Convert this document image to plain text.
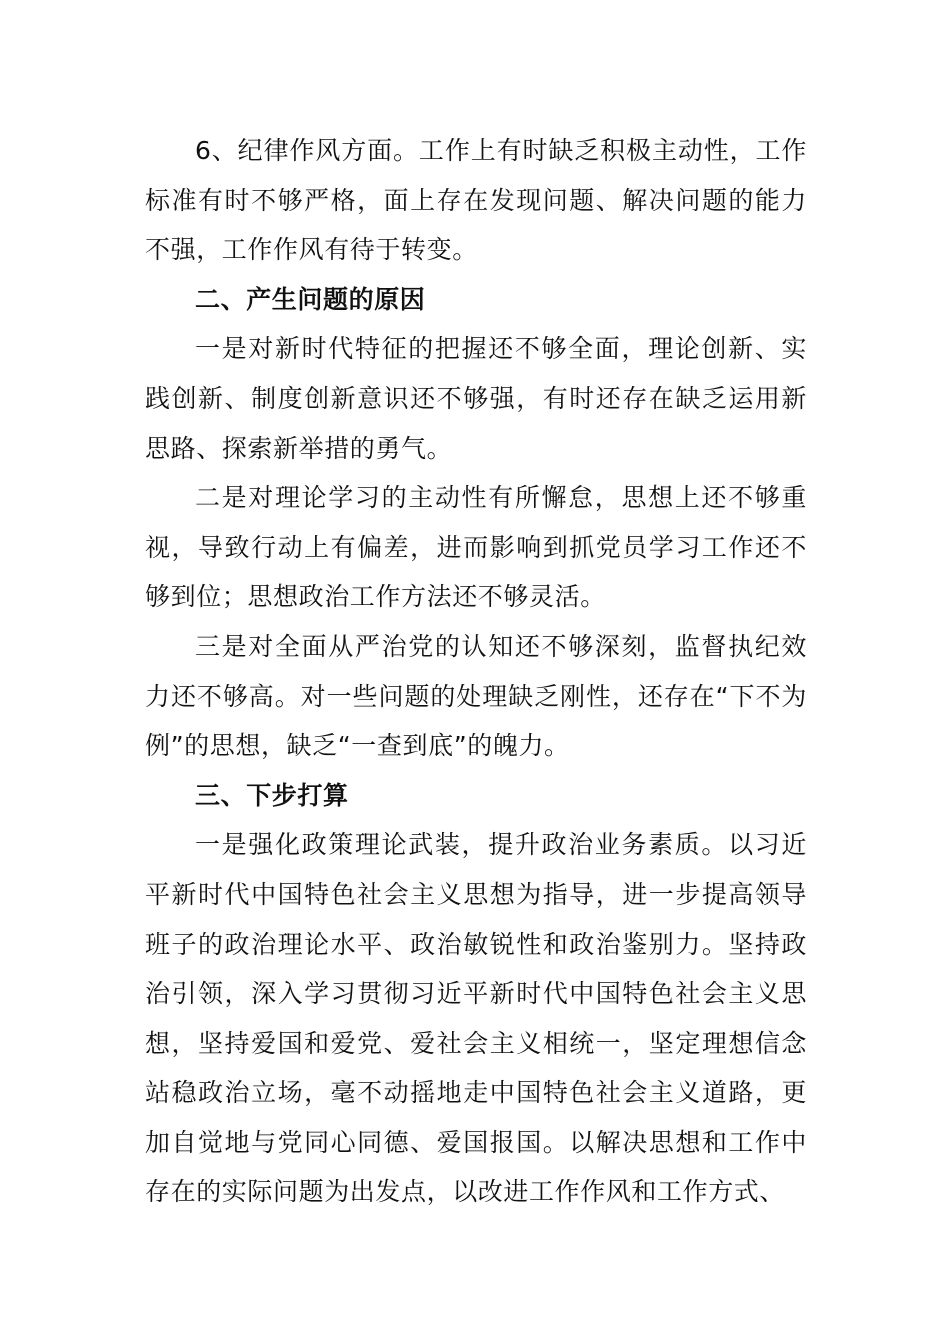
6、纪律作风方面。工作上有时缺乏积极主动性，工作标准有时不够严格，面上存在发现问题、解决问题的能力不强，工作作风有待于转变。

二、产生问题的原因

一是对新时代特征的把握还不够全面，理论创新、实践创新、制度创新意识还不够强，有时还存在缺乏运用新思路、探索新举措的勇气。

二是对理论学习的主动性有所懈怠，思想上还不够重视，导致行动上有偏差，进而影响到抓党员学习工作还不够到位；思想政治工作方法还不够灵活。

三是对全面从严治党的认知还不够深刻，监督执纪效力还不够高。对一些问题的处理缺乏刚性，还存在“下不为例”的思想，缺乏“一查到底”的魄力。

三、下步打算

一是强化政策理论武装，提升政治业务素质。以习近平新时代中国特色社会主义思想为指导，进一步提高领导班子的政治理论水平、政治敏锐性和政治鉴别力。坚持政治引领，深入学习贯彻习近平新时代中国特色社会主义思想，坚持爱国和爱党、爱社会主义相统一，坚定理想信念站稳政治立场，毫不动摇地走中国特色社会主义道路，更加自觉地与党同心同德、爱国报国。以解决思想和工作中存在的实际问题为出发点，以改进工作作风和工作方式、
